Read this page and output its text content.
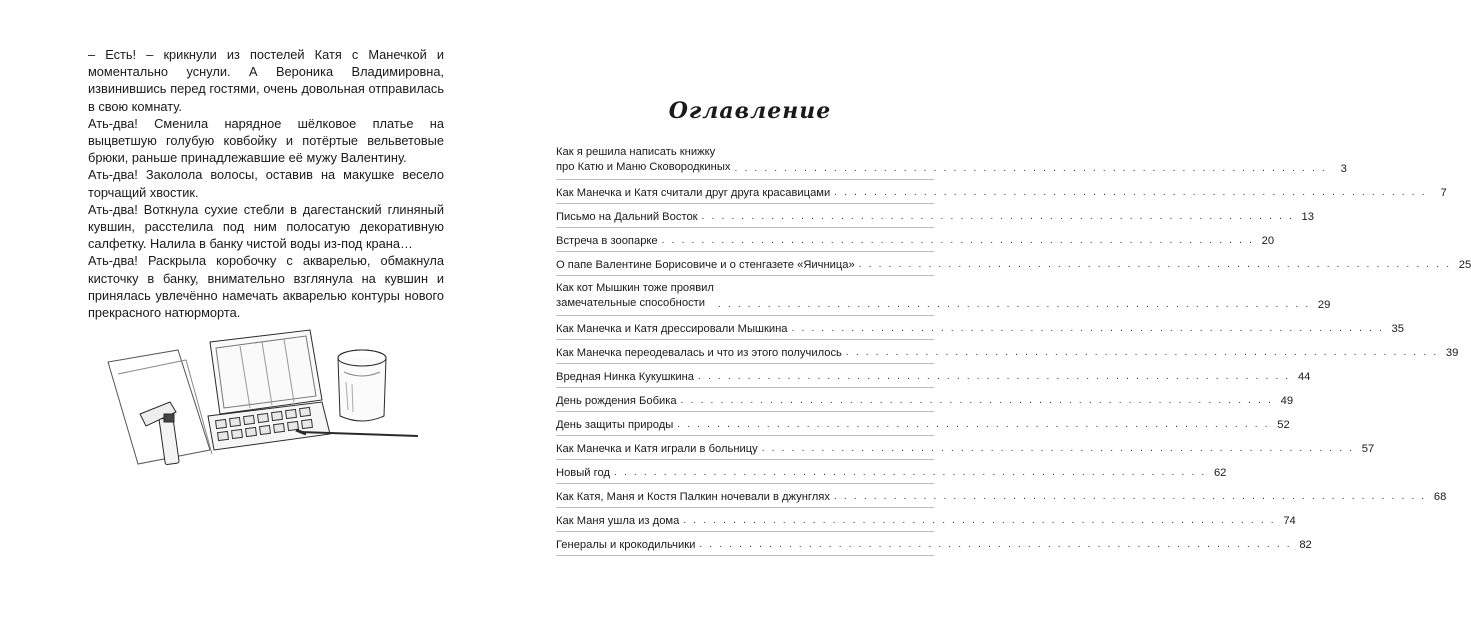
– Есть! – крикнули из постелей Катя с Манечкой и моментально уснули. А Вероника Владимировна, извинившись перед гостями, очень довольная отправилась в свою комнату.

Ать-два! Сменила нарядное шёлковое платье на выцветшую голубую ковбойку и потёртые вельветовые брюки, раньше принадлежавшие её мужу Валентину.

Ать-два! Заколола волосы, оставив на макушке весело торчащий хвостик.

Ать-два! Воткнула сухие стебли в дагестанский глиняный кувшин, расстелила под ним полосатую декоративную салфетку. Налила в банку чистой воды из-под крана…

Ать-два! Раскрыла коробочку с акварелью, обмакнула кисточку в банку, внимательно взглянула на кувшин и принялась увлечённо намечать акварелью контуры нового прекрасного натюрморта.

Оглавление
Как я решила написать книжку
про Катю и Маню Сковородкиных . . . . . . . . . . . . . . . . . . . . . . . . . . . . . . . . . . . . . . . . . . . . . . . . . . . . . . . . . . . .	3
Как Манечка и Катя считали друг друга красавицами . . . . . . . . . . . . . . . . . . . . . . . . . . . . . . . . . . . . . . . . . . . . . . . . . . . . . . . . . . . .	7
Письмо на Дальний Восток . . . . . . . . . . . . . . . . . . . . . . . . . . . . . . . . . . . . . . . . . . . . . . . . . . . . . . . . . . . . 13
Встреча в зоопарке . . . . . . . . . . . . . . . . . . . . . . . . . . . . . . . . . . . . . . . . . . . . . . . . . . . . . . . . . . . . 20
О папе Валентине Борисовиче и о стенгазете «Яичница» . . . . . . . . . . . . . . . . . . . . . . . . . . . . . . . . . . . . . . . . . . . . . . . . . . . . . . . . . . . . 25
Как кот Мышкин тоже проявил
замечательные способности	. . . . . . . . . . . . . . . . . . . . . . . . . . . . . . . . . . . . . . . . . . . . . . . . . . . . . . . . . . . . 29
Как Манечка и Катя дрессировали Мышкина . . . . . . . . . . . . . . . . . . . . . . . . . . . . . . . . . . . . . . . . . . . . . . . . . . . . . . . . . . . . 35
Как Манечка переодевалась и что из этого получилось . . . . . . . . . . . . . . . . . . . . . . . . . . . . . . . . . . . . . . . . . . . . . . . . . . . . . . . . . . . . 39
Вредная Нинка Кукушкина . . . . . . . . . . . . . . . . . . . . . . . . . . . . . . . . . . . . . . . . . . . . . . . . . . . . . . . . . . . . 44
День рождения Бобика . . . . . . . . . . . . . . . . . . . . . . . . . . . . . . . . . . . . . . . . . . . . . . . . . . . . . . . . . . . . 49
День защиты природы . . . . . . . . . . . . . . . . . . . . . . . . . . . . . . . . . . . . . . . . . . . . . . . . . . . . . . . . . . . . 52
Как Манечка и Катя играли в больницу . . . . . . . . . . . . . . . . . . . . . . . . . . . . . . . . . . . . . . . . . . . . . . . . . . . . . . . . . . . . 57
Новый год . . . . . . . . . . . . . . . . . . . . . . . . . . . . . . . . . . . . . . . . . . . . . . . . . . . . . . . . . . . . 62
Как Катя, Маня и Костя Палкин ночевали в джунглях . . . . . . . . . . . . . . . . . . . . . . . . . . . . . . . . . . . . . . . . . . . . . . . . . . . . . . . . . . . . 68
Как Маня ушла из дома . . . . . . . . . . . . . . . . . . . . . . . . . . . . . . . . . . . . . . . . . . . . . . . . . . . . . . . . . . . . 74
Генералы и крокодильчики . . . . . . . . . . . . . . . . . . . . . . . . . . . . . . . . . . . . . . . . . . . . . . . . . . . . . . . . . . . . 82
